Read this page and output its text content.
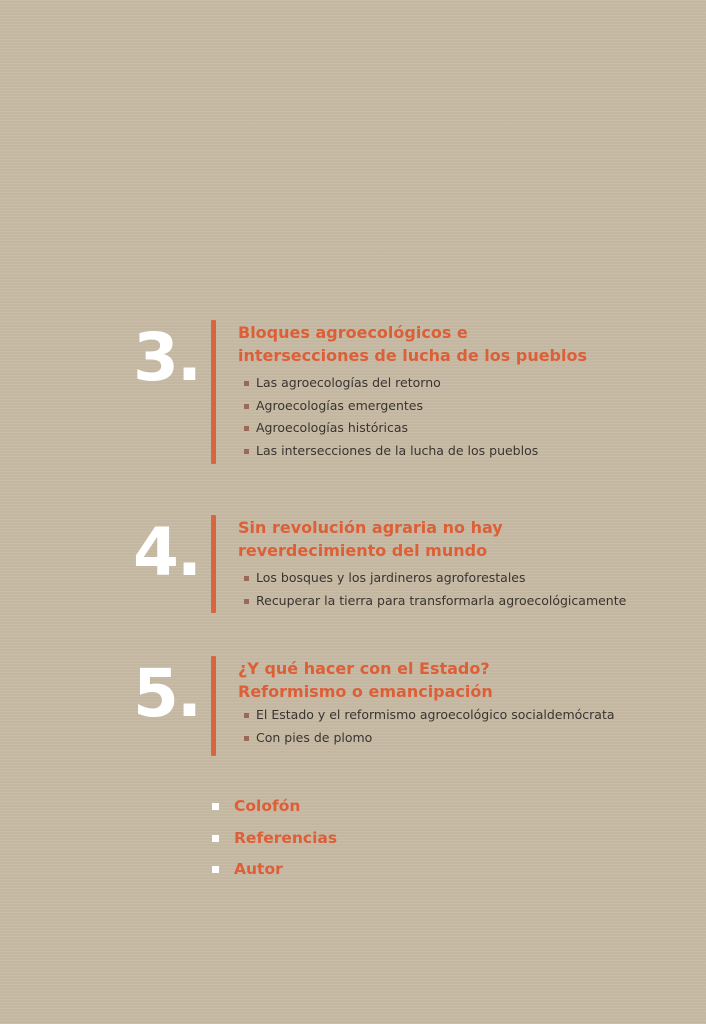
3. Bloques agroecológicos e
intersecciones de lucha de los pueblos
Las agroecologías del retorno
Agroecologías emergentes
Agroecologías históricas
Las intersecciones de la lucha de los pueblos
4. Sin revolución agraria no hay
reverdecimiento del mundo
Los bosques y los jardineros agroforestales
Recuperar la tierra para transformarla agroecológicamente
5. ¿Y qué hacer con el Estado?
Reformismo o emancipación
El Estado y el reformismo agroecológico socialdemócrata
Con pies de plomo
Colofón
Referencias
Autor
